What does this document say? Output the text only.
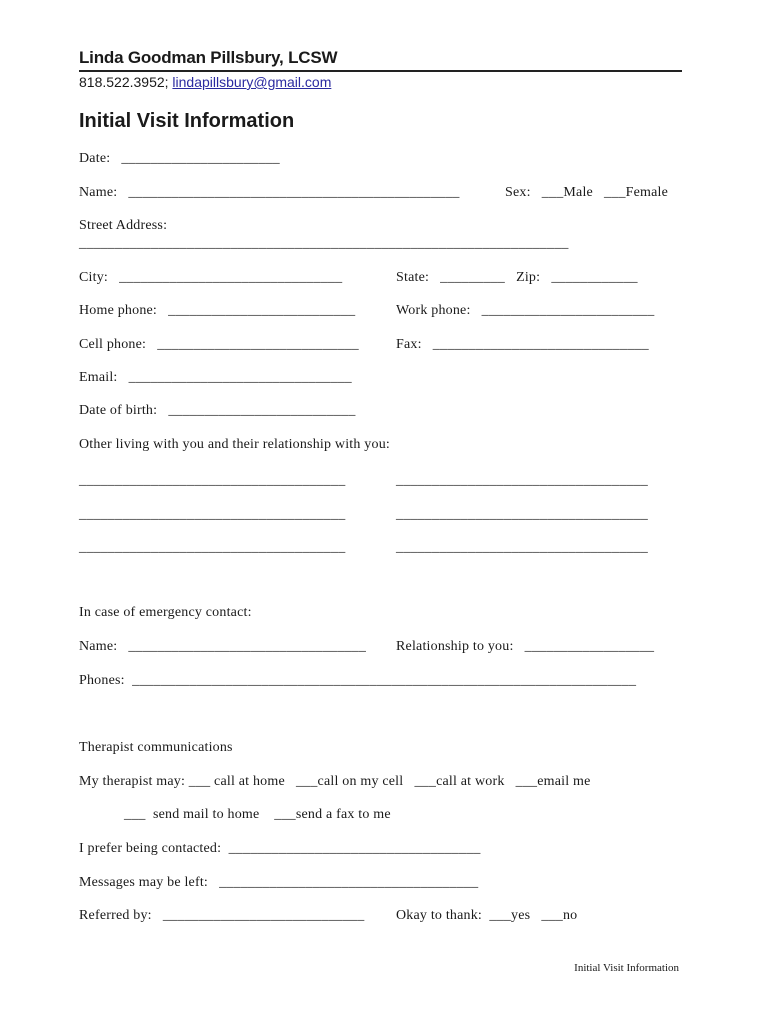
Linda Goodman Pillsbury, LCSW
818.522.3952; lindapillsbury@gmail.com
Initial Visit Information
Date:   ______________________
Name:   ______________________________________________	Sex:   ___Male   ___Female
Street Address:
____________________________________________________________________
City:   _______________________________	State:   _________   Zip:   ____________
Home phone:   __________________________	Work phone:   ________________________
Cell phone:   ____________________________	Fax:   ______________________________
Email:   _______________________________
Date of birth:   __________________________
Other living with you and their relationship with you:
_____________________________________	___________________________________
_____________________________________	___________________________________
_____________________________________	___________________________________
In case of emergency contact:
Name:   _________________________________ Relationship to you:   __________________
Phones:  ______________________________________________________________________
Therapist communications
My therapist may: ___ call at home   ___call on my cell   ___call at work   ___email me
___  send mail to home    ___send a fax to me
I prefer being contacted:  ___________________________________
Messages may be left:   ____________________________________
Referred by:   ____________________________ Okay to thank:  ___yes   ___no
Initial Visit Information
